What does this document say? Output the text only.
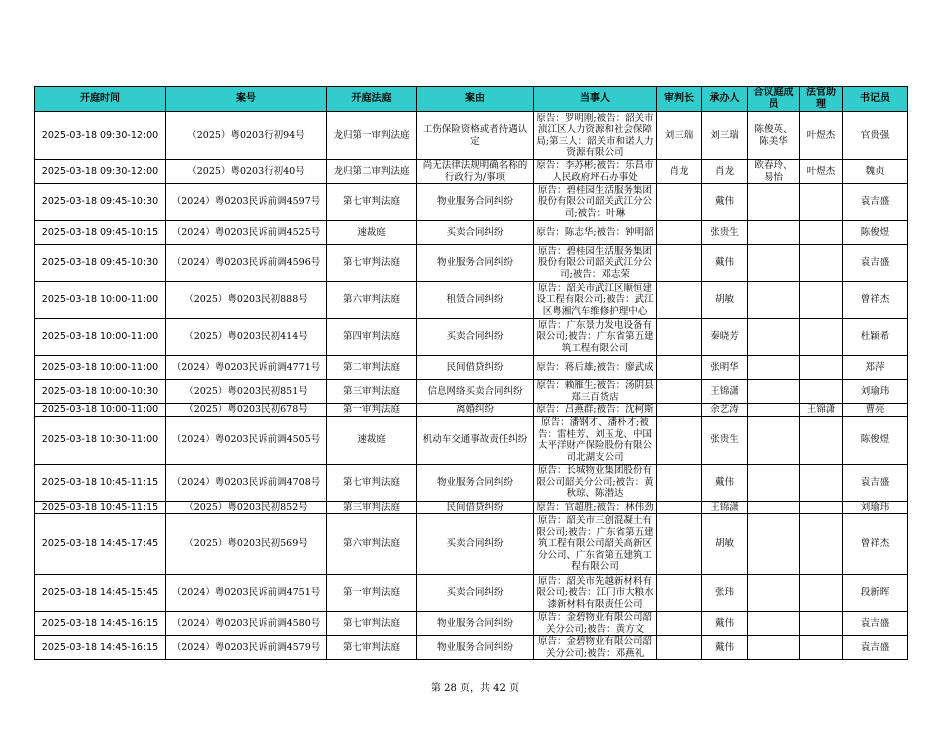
开庭时间	案号	开庭法庭	案由	当事人	审判长	承办人	合议庭成员	法官助理	书记员
2025-03-18 09:30-12:00	（2025）粤0203行初94号	龙归第一审判法庭	工伤保险资格或者待遇认定	原告：罗明刚;被告：韶关市浈江区人力资源和社会保障局;第三人：韶关市和诺人力资源有限公司	刘三瑞	刘三瑞	陈俊英、陈美华	叶煜杰	官贵强
2025-03-18 09:30-12:00	（2025）粤0203行初40号	龙归第二审判法庭	尚无法律法规明确名称的行政行为/事项	原告：李苏彬;被告：乐昌市人民政府坪石办事处	肖龙	肖龙	欧春玲、易怡	叶煜杰	魏贞
2025-03-18 09:45-10:30	（2024）粤0203民诉前调4597号	第七审判法庭	物业服务合同纠纷	原告：碧桂园生活服务集团股份有限公司韶关武江分公司;被告：叶琳		戴伟			袁吉盛
2025-03-18 09:45-10:15	（2024）粤0203民诉前调4525号	速裁庭	买卖合同纠纷	原告：陈志华;被告：钟明韶		张贵生			陈俊煜
2025-03-18 09:45-10:30	（2024）粤0203民诉前调4596号	第七审判法庭	物业服务合同纠纷	原告：碧桂园生活服务集团股份有限公司韶关武江分公司;被告：邓志荣		戴伟			袁吉盛
2025-03-18 10:00-11:00	（2025）粤0203民初888号	第六审判法庭	租赁合同纠纷	原告：韶关市武江区顺恒建设工程有限公司;被告：武江区粤湘汽车维修护理中心		胡敏			曾祥杰
2025-03-18 10:00-11:00	（2025）粤0203民初414号	第四审判法庭	买卖合同纠纷	原告：广东景力发电设备有限公司;被告：广东省第五建筑工程有限公司		秦晓芳			杜颖希
2025-03-18 10:00-11:00	（2024）粤0203民诉前调4771号	第二审判法庭	民间借贷纠纷	原告：蒋后雄;被告：廖武成		张明华			郑萍
2025-03-18 10:00-10:30	（2025）粤0203民初851号	第三审判法庭	信息网络买卖合同纠纷	原告：赖雁生;被告：汤阴县郑三百货店		王锦潇			刘瑜玮
2025-03-18 10:00-11:00	（2025）粤0203民初678号	第一审判法庭	离婚纠纷	原告：吕燕群;被告：沈柯斯		余艺涛		王锦潇	曹亮
2025-03-18 10:30-11:00	（2024）粤0203民诉前调4505号	速裁庭	机动车交通事故责任纠纷	原告：潘钢才、潘朴才;被告：雷桂芳、刘玉龙、中国太平洋财产保险股份有限公司北湖支公司		张贵生			陈俊煜
2025-03-18 10:45-11:15	（2024）粤0203民诉前调4708号	第七审判法庭	物业服务合同纠纷	原告：长城物业集团股份有限公司韶关分公司;被告：黄秋琼、陈潜达		戴伟			袁吉盛
2025-03-18 10:45-11:15	（2025）粤0203民初852号	第三审判法庭	民间借贷纠纷	原告：官超胜;被告：林伟劲		王锦潇			刘瑜玮
2025-03-18 14:45-17:45	（2025）粤0203民初569号	第六审判法庭	买卖合同纠纷	原告：韶关市三创混凝土有限公司;被告：广东省第五建筑工程有限公司韶关高新区分公司、广东省第五建筑工程有限公司		胡敏			曾祥杰
2025-03-18 14:45-15:45	（2024）粤0203民诉前调4751号	第一审判法庭	买卖合同纠纷	原告：韶关市先越新材料有限公司;被告：江门市大粮水漆新材料有限责任公司		张玮			段新晖
2025-03-18 14:45-16:15	（2024）粤0203民诉前调4580号	第七审判法庭	物业服务合同纠纷	原告：金碧物业有限公司韶关分公司;被告：黄方文		戴伟			袁吉盛
2025-03-18 14:45-16:15	（2024）粤0203民诉前调4579号	第七审判法庭	物业服务合同纠纷	原告：金碧物业有限公司韶关分公司;被告：邓燕礼		戴伟			袁吉盛
第 28 页，共 42 页
